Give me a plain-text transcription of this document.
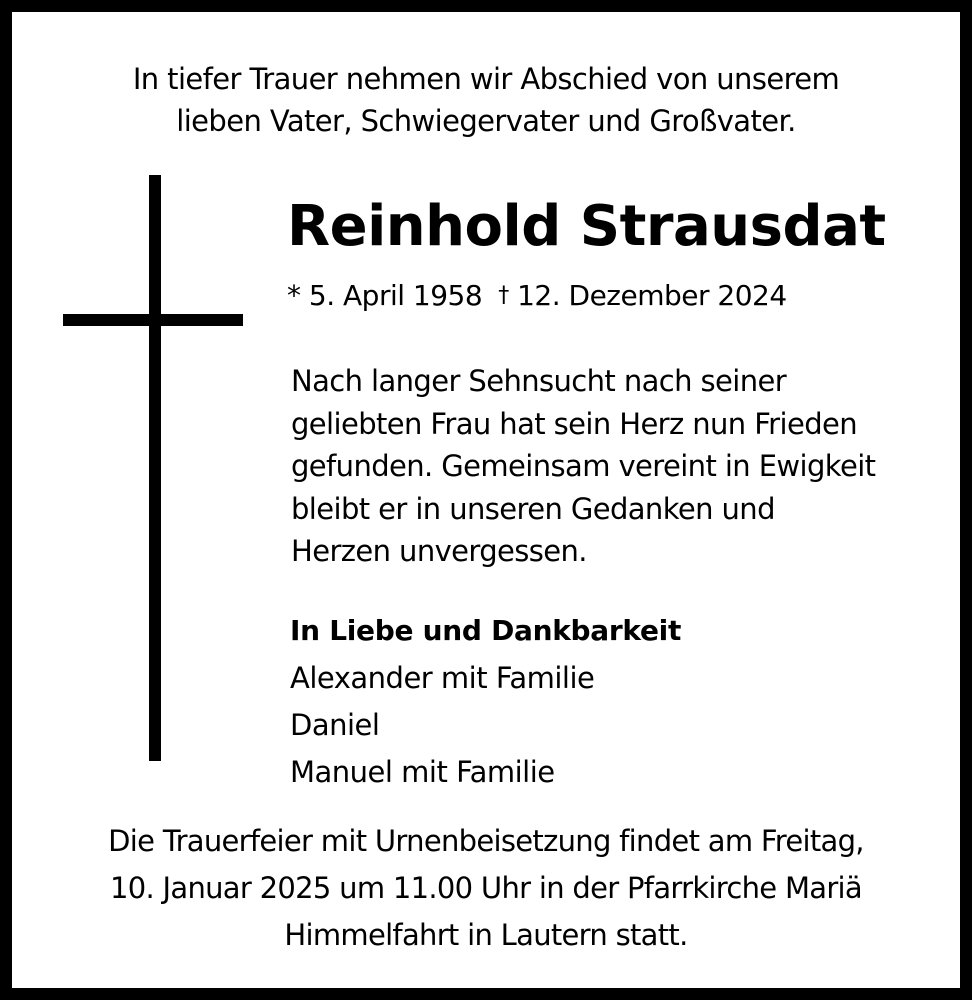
In tiefer Trauer nehmen wir Abschied von unserem
lieben Vater, Schwiegervater und Großvater.
Reinhold Strausdat
* 5. April 1958 † 12. Dezember 2024
Nach langer Sehnsucht nach seiner
geliebten Frau hat sein Herz nun Frieden
gefunden. Gemeinsam vereint in Ewigkeit
bleibt er in unseren Gedanken und
Herzen unvergessen.
In Liebe und Dankbarkeit
Alexander mit Familie
Daniel
Manuel mit Familie
Die Trauerfeier mit Urnenbeisetzung findet am Freitag,
10. Januar 2025 um 11.00 Uhr in der Pfarrkirche Mariä
Himmelfahrt in Lautern statt.
